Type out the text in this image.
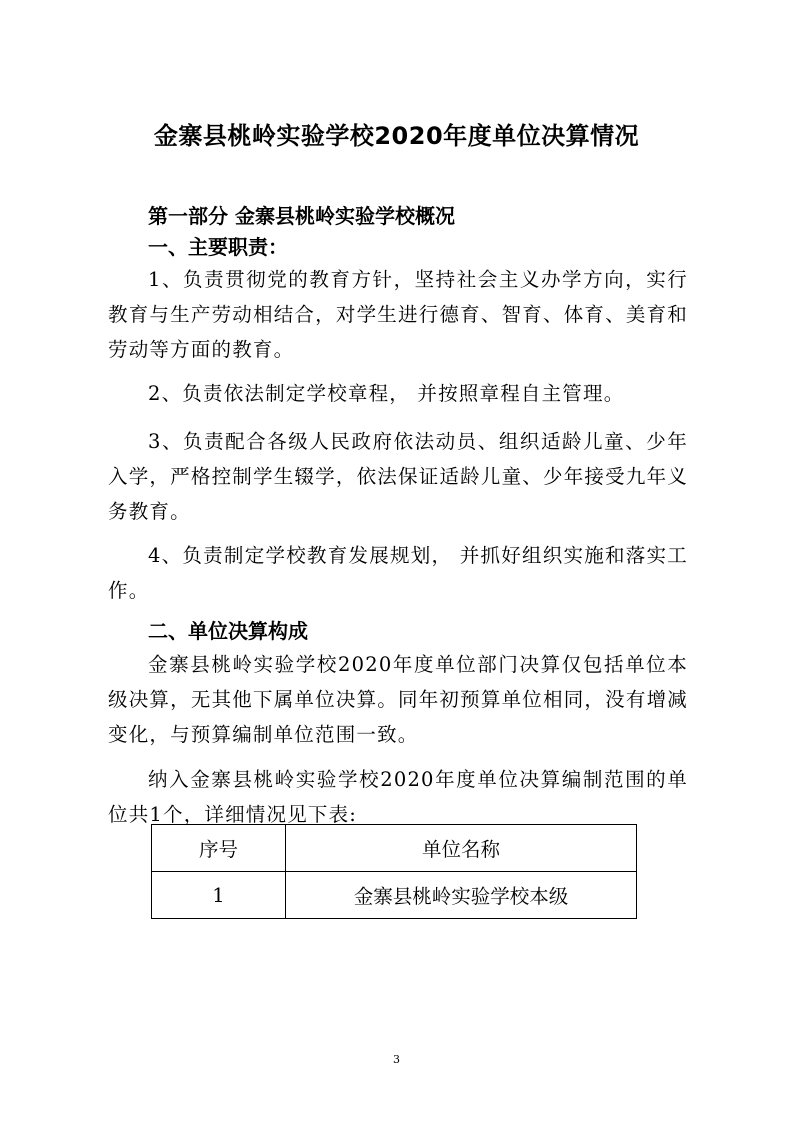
金寨县桃岭实验学校2020年度单位决算情况
第一部分 金寨县桃岭实验学校概况
一、主要职责：
1、负责贯彻党的教育方针，坚持社会主义办学方向，实行教育与生产劳动相结合，对学生进行德育、智育、体育、美育和劳动等方面的教育。
2、负责依法制定学校章程， 并按照章程自主管理。
3、负责配合各级人民政府依法动员、组织适龄儿童、少年入学，严格控制学生辍学，依法保证适龄儿童、少年接受九年义务教育。
4、负责制定学校教育发展规划， 并抓好组织实施和落实工作。
二、单位决算构成
金寨县桃岭实验学校2020年度单位部门决算仅包括单位本级决算，无其他下属单位决算。同年初预算单位相同，没有增减变化，与预算编制单位范围一致。
纳入金寨县桃岭实验学校2020年度单位决算编制范围的单位共1个，详细情况见下表:
序号	单位名称
1	金寨县桃岭实验学校本级
3
